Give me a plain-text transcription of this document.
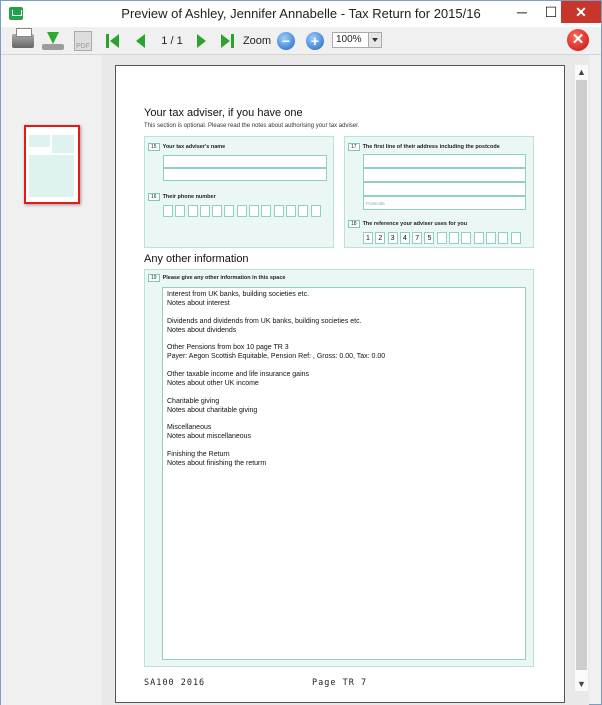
Preview of Ashley, Jennifer Annabelle - Tax Return for 2015/16	─	☐	✕
PDF	1 / 1	Zoom −	+	100%	✕
Your tax adviser, if you have one
This section is optional. Please read the notes about authorising your tax adviser.
15 Your tax adviser's name
16 Their phone number
17 The first line of their address including the postcode
Postcode
18 The reference your adviser uses for you
1	2	3	4	7	5
Any other information
19 Please give any other information in this space
Interest from UK banks, building societies etc.
Notes about interest
Dividends and dividends from UK banks, building societies etc.
Notes about dividends
Other Pensions from box 10 page TR 3
Payer: Aegon Scottish Equitable, Pension Ref: , Gross: 0.00, Tax: 0.00
Other taxable income and life insurance gains
Notes about other UK income
Charitable giving
Notes about charitable giving
Miscellaneous
Notes about miscellaneous
Finishing the Return
Notes about finishing the returm
SA100 2016	Page TR 7
▲
▼
